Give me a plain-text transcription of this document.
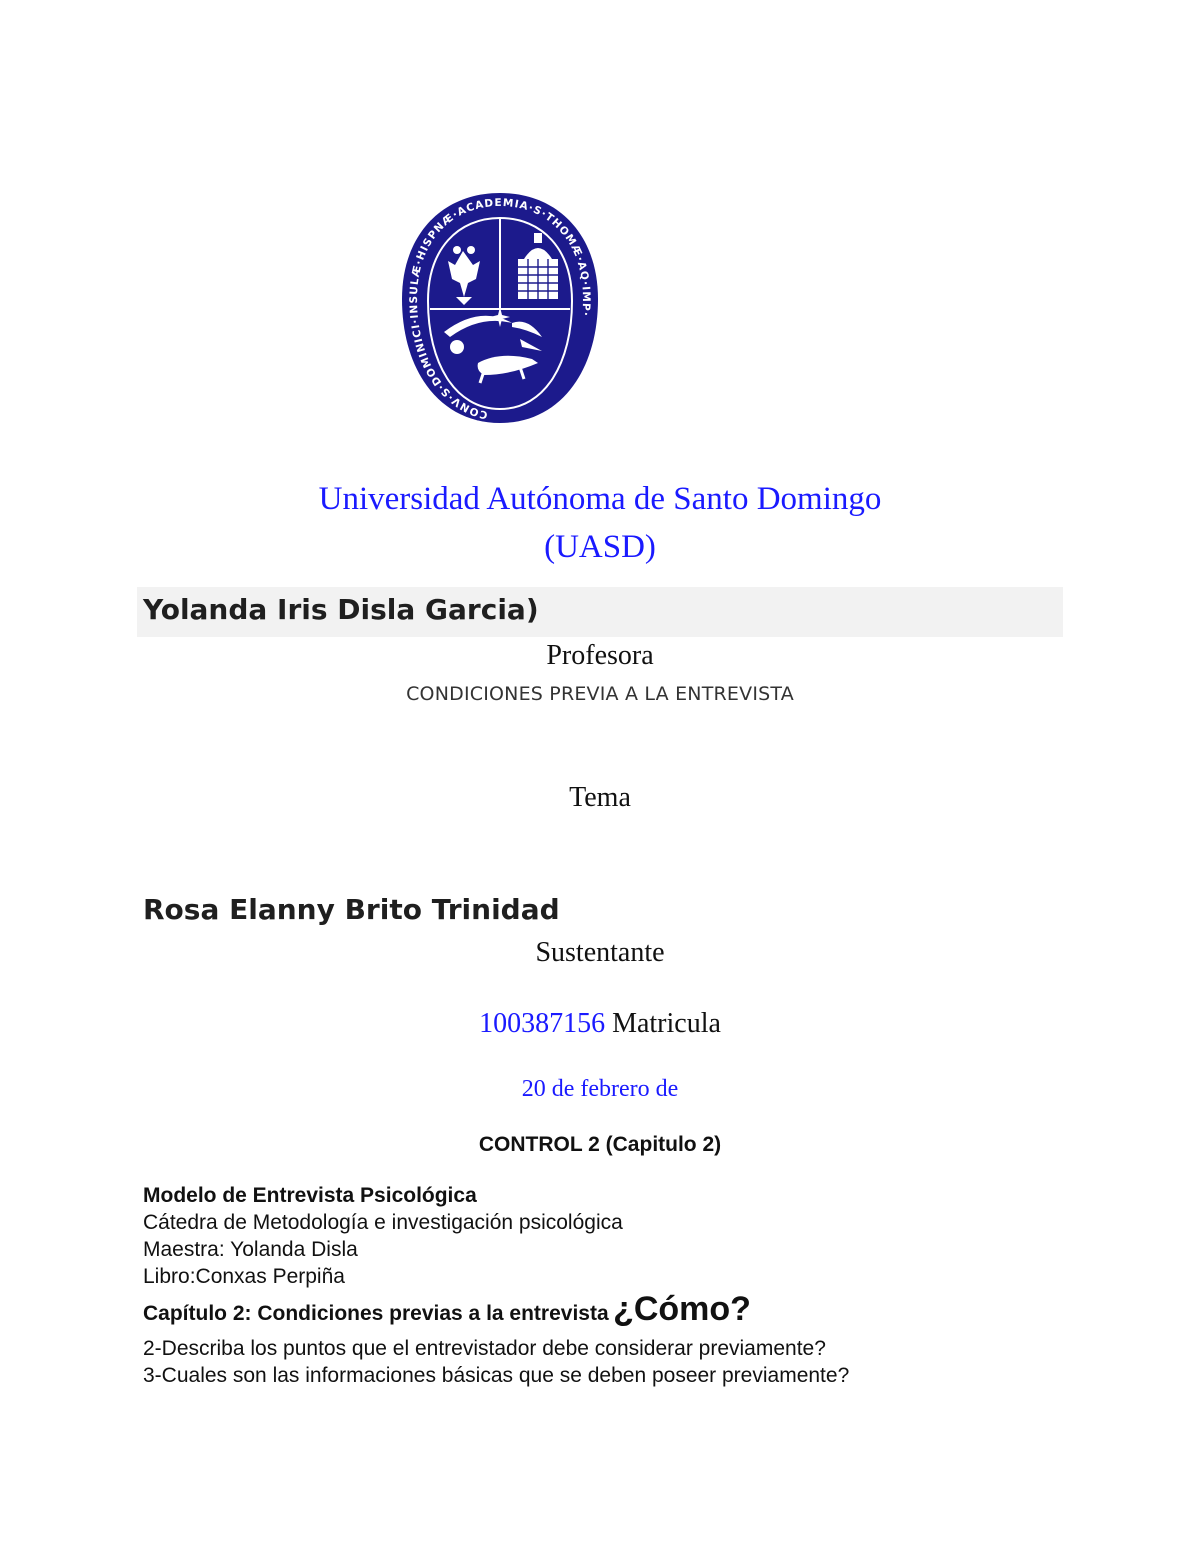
CONV·S·DOMINICI·INSULÆ·HISPNÆ·ACADEMIA·S·THOMÆ·AQ·IMP·
Universidad Autónoma de Santo Domingo
(UASD)
Yolanda Iris Disla Garcia)
Profesora
CONDICIONES PREVIA A LA ENTREVISTA
Tema
Rosa Elanny Brito Trinidad
Sustentante
100387156 Matricula
20 de febrero de
CONTROL 2 (Capitulo 2)
Modelo de Entrevista Psicológica
Cátedra de Metodología e investigación psicológica
Maestra: Yolanda Disla
Libro:Conxas Perpiña
Capítulo 2: Condiciones previas a la entrevista ¿Cómo?
2-Describa los puntos que el entrevistador debe considerar previamente?
3-Cuales son las informaciones básicas que se deben poseer previamente?
